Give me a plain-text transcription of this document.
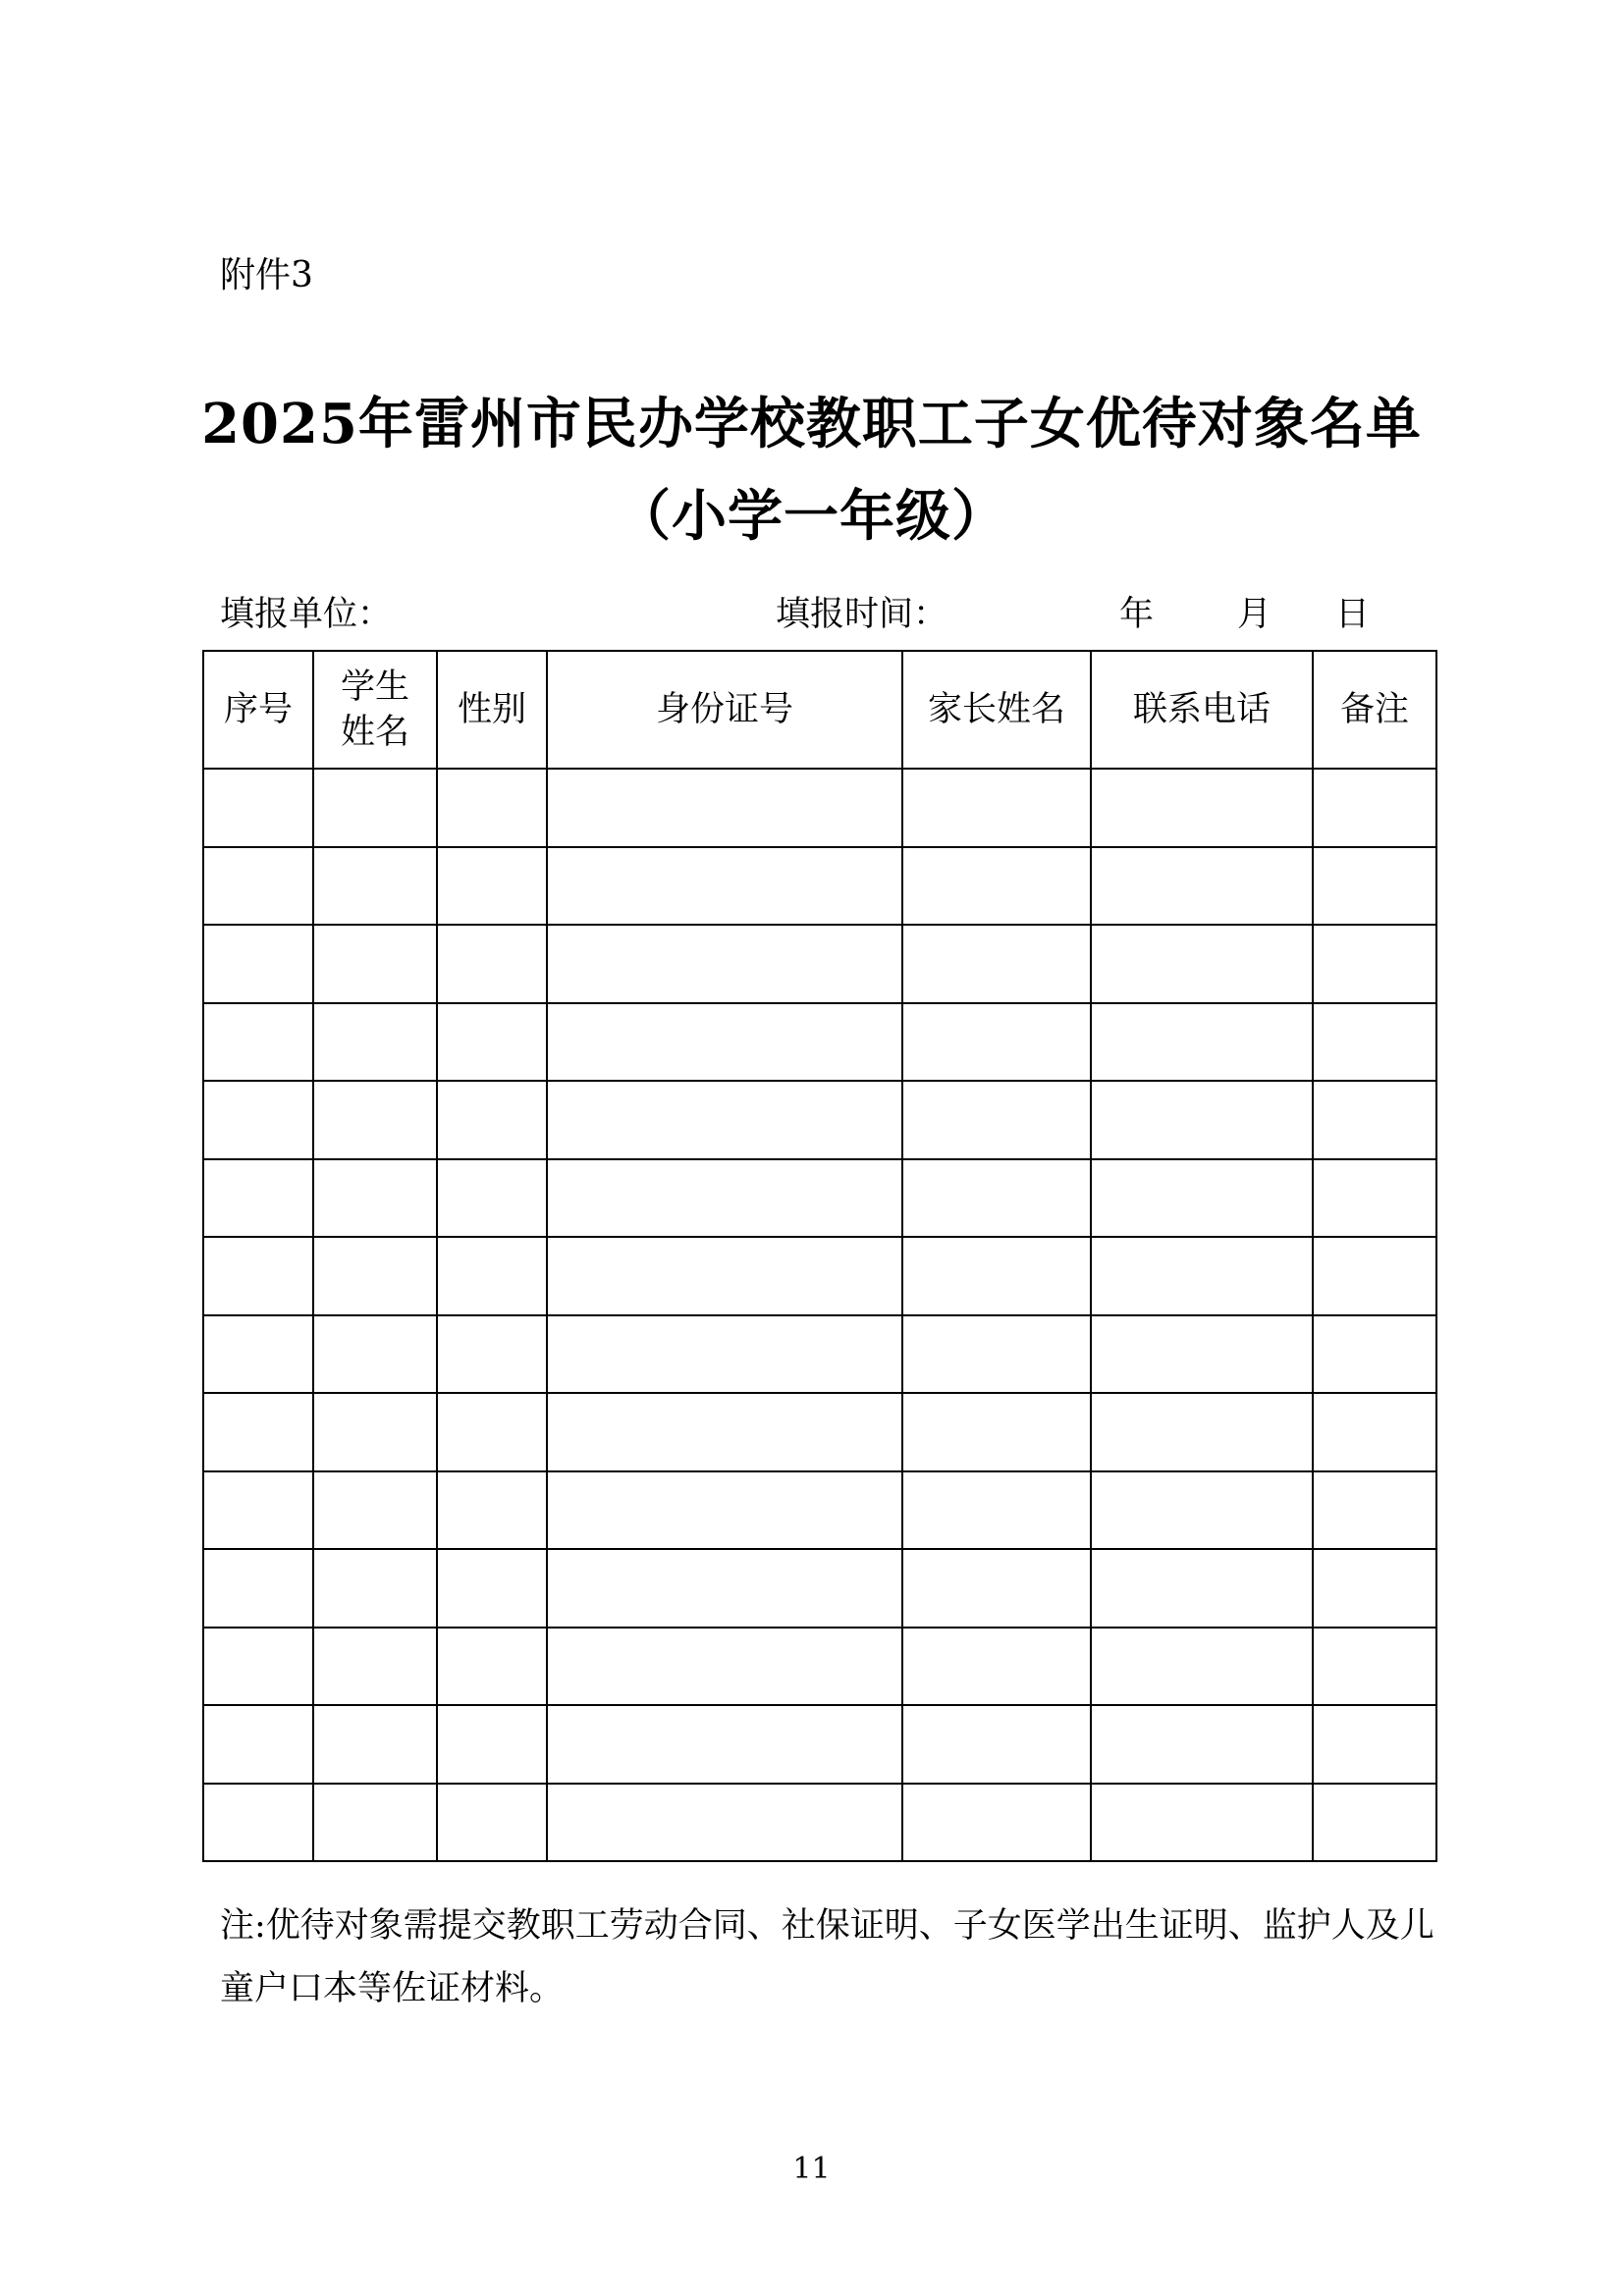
附件3
2025年雷州市民办学校教职工子女优待对象名单
（小学一年级）
填报单位：	填报时间：	年 月 日
序号	学生姓名	性别	身份证号	家长姓名	联系电话	备注

注:优待对象需提交教职工劳动合同、社保证明、子女医学出生证明、监护人及儿童户口本等佐证材料。
11
